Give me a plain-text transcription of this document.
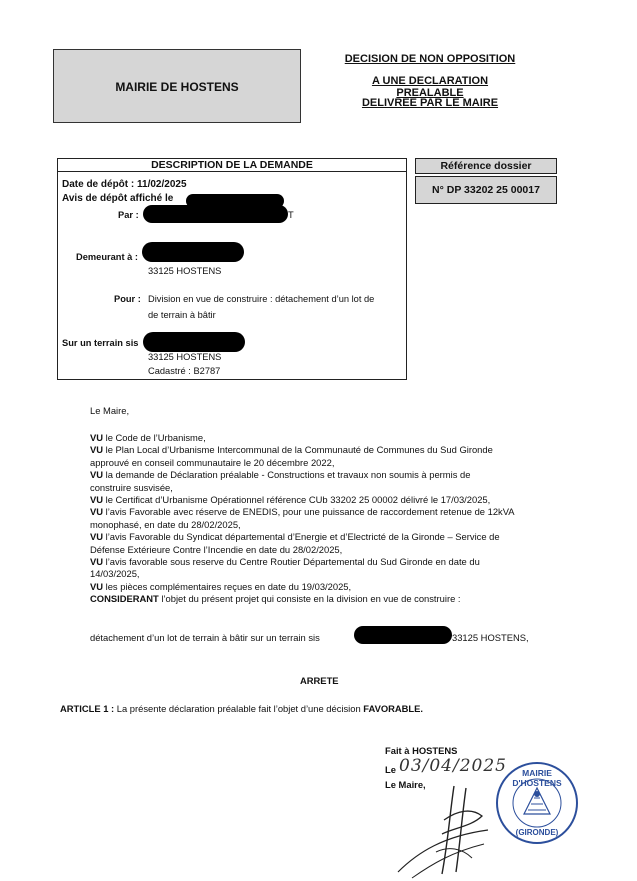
MAIRIE DE HOSTENS
DECISION DE NON OPPOSITION
A UNE DECLARATION PREALABLE
DELIVREE PAR LE MAIRE
DESCRIPTION DE LA DEMANDE
Date de dépôt : 11/02/2025
Avis de dépôt affiché le
Par :	T
Demeurant à :
33125 HOSTENS
Pour : Division en vue de construire : détachement d’un lot de
de terrain à bâtir
Sur un terrain sis
33125 HOSTENS
Cadastré : B2787
Référence dossier
N° DP 33202 25 00017
Le Maire,
VU le Code de l’Urbanisme,
VU le Plan Local d’Urbanisme Intercommunal de la Communauté de Communes du Sud Gironde
approuvé en conseil communautaire le 20 décembre 2022,
VU la demande de Déclaration préalable - Constructions et travaux non soumis à permis de
construire susvisée,
VU le Certificat d’Urbanisme Opérationnel référence CUb 33202 25 00002 délivré le 17/03/2025,
VU l’avis Favorable avec réserve de ENEDIS, pour une puissance de raccordement retenue de 12kVA
monophasé, en date du 28/02/2025,
VU l’avis Favorable du Syndicat départemental d’Energie et d’Electricté de la Gironde – Service de
Défense Extérieure Contre l’Incendie en date du 28/02/2025,
VU l’avis favorable sous reserve du Centre Routier Départemental du Sud Gironde en date du
14/03/2025,
VU les pièces complémentaires reçues en date du 19/03/2025,
CONSIDERANT l’objet du présent projet qui consiste en la division en vue de construire :
détachement d’un lot de terrain à bâtir sur un terrain sis	33125 HOSTENS,
ARRETE
ARTICLE 1 : La présente déclaration préalable fait l’objet d’une décision FAVORABLE.
Fait à HOSTENS
Le 03/04/2025
Le Maire,
MAIRIE D'HOSTENS
(GIRONDE)
